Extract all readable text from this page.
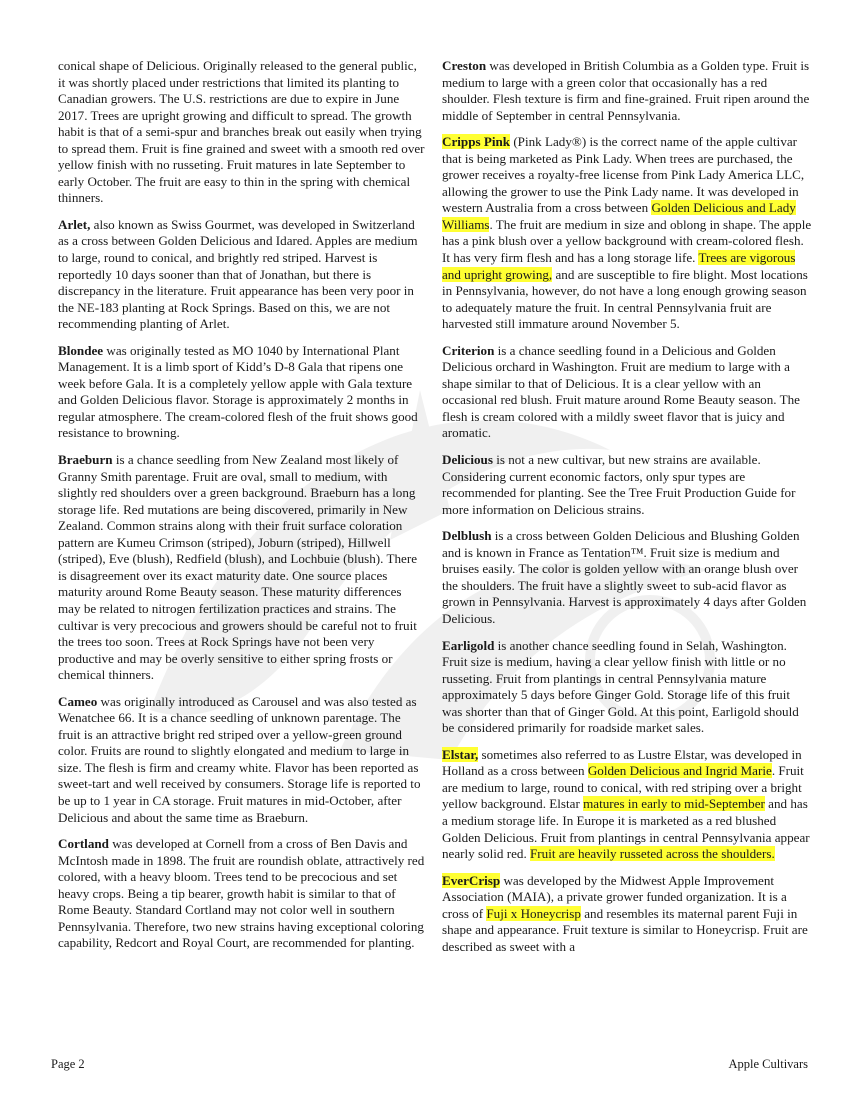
conical shape of Delicious. Originally released to the general public, it was shortly placed under restrictions that limited its planting to Canadian growers. The U.S. restrictions are due to expire in June 2017. Trees are upright growing and difficult to spread. The growth habit is that of a semi-spur and branches break out easily when trying to spread them. Fruit is fine grained and sweet with a smooth red over yellow finish with no russeting. Fruit matures in late September to early October. The fruit are easy to thin in the spring with chemical thinners.

Arlet, also known as Swiss Gourmet, was developed in Switzerland as a cross between Golden Delicious and Idared. Apples are medium to large, round to conical, and brightly red striped. Harvest is reportedly 10 days sooner than that of Jonathan, but there is discrepancy in the literature. Fruit appearance has been very poor in the NE-183 planting at Rock Springs. Based on this, we are not recommending planting of Arlet.

Blondee was originally tested as MO 1040 by International Plant Management. It is a limb sport of Kidd’s D-8 Gala that ripens one week before Gala. It is a completely yellow apple with Gala texture and Golden Delicious flavor. Storage is approximately 2 months in regular atmosphere. The cream-colored flesh of the fruit shows good resistance to browning.

Braeburn is a chance seedling from New Zealand most likely of Granny Smith parentage. Fruit are oval, small to medium, with slightly red shoulders over a green background. Braeburn has a long storage life. Red mutations are being discovered, primarily in New Zealand. Common strains along with their fruit surface coloration pattern are Kumeu Crimson (striped), Joburn (striped), Hillwell (striped), Eve (blush), Redfield (blush), and Lochbuie (blush). There is disagreement over its exact maturity date. One source places maturity around Rome Beauty season. These maturity differences may be related to nitrogen fertilization practices and strains. The cultivar is very precocious and growers should be careful not to fruit the trees too soon. Trees at Rock Springs have not been very productive and may be overly sensitive to either spring frosts or chemical thinners.

Cameo was originally introduced as Carousel and was also tested as Wenatchee 66. It is a chance seedling of unknown parentage. The fruit is an attractive bright red striped over a yellow-green ground color. Fruits are round to slightly elongated and medium to large in size. The flesh is firm and creamy white. Flavor has been reported as sweet-tart and well received by consumers. Storage life is reported to be up to 1 year in CA storage. Fruit matures in mid-October, after Delicious and about the same time as Braeburn.

Cortland was developed at Cornell from a cross of Ben Davis and McIntosh made in 1898. The fruit are roundish oblate, attractively red colored, with a heavy bloom. Trees tend to be precocious and set heavy crops. Being a tip bearer, growth habit is similar to that of Rome Beauty. Standard Cortland may not color well in southern Pennsylvania. Therefore, two new strains having exceptional coloring capability, Redcort and Royal Court, are recommended for planting.

Creston was developed in British Columbia as a Golden type. Fruit is medium to large with a green color that occasionally has a red shoulder. Flesh texture is firm and fine-grained. Fruit ripen around the middle of September in central Pennsylvania.

Cripps Pink (Pink Lady®) is the correct name of the apple cultivar that is being marketed as Pink Lady. When trees are purchased, the grower receives a royalty-free license from Pink Lady America LLC, allowing the grower to use the Pink Lady name. It was developed in western Australia from a cross between Golden Delicious and Lady Williams. The fruit are medium in size and oblong in shape. The apple has a pink blush over a yellow background with cream-colored flesh. It has very firm flesh and has a long storage life. Trees are vigorous and upright growing, and are susceptible to fire blight. Most locations in Pennsylvania, however, do not have a long enough growing season to adequately mature the fruit. In central Pennsylvania fruit are harvested still immature around November 5.

Criterion is a chance seedling found in a Delicious and Golden Delicious orchard in Washington. Fruit are medium to large with a shape similar to that of Delicious. It is a clear yellow with an occasional red blush. Fruit mature around Rome Beauty season. The flesh is cream colored with a mildly sweet flavor that is juicy and aromatic.

Delicious is not a new cultivar, but new strains are available. Considering current economic factors, only spur types are recommended for planting. See the Tree Fruit Production Guide for more information on Delicious strains.

Delblush is a cross between Golden Delicious and Blushing Golden and is known in France as Tentation™. Fruit size is medium and bruises easily. The color is golden yellow with an orange blush over the shoulders. The fruit have a slightly sweet to sub-acid flavor as grown in Pennsylvania. Harvest is approximately 4 days after Golden Delicious.

Earligold is another chance seedling found in Selah, Washington. Fruit size is medium, having a clear yellow finish with little or no russeting. Fruit from plantings in central Pennsylvania mature approximately 5 days before Ginger Gold. Storage life of this fruit was shorter than that of Ginger Gold. At this point, Earligold should be considered primarily for roadside market sales.

Elstar, sometimes also referred to as Lustre Elstar, was developed in Holland as a cross between Golden Delicious and Ingrid Marie. Fruit are medium to large, round to conical, with red striping over a bright yellow background. Elstar matures in early to mid-September and has a medium storage life. In Europe it is marketed as a red blushed Golden Delicious. Fruit from plantings in central Pennsylvania appear nearly solid red. Fruit are heavily russeted across the shoulders.

EverCrisp was developed by the Midwest Apple Improvement Association (MAIA), a private grower funded organization. It is a cross of Fuji x Honeycrisp and resembles its maternal parent Fuji in shape and appearance. Fruit texture is similar to Honeycrisp. Fruit are described as sweet with a

Page 2	Apple Cultivars
